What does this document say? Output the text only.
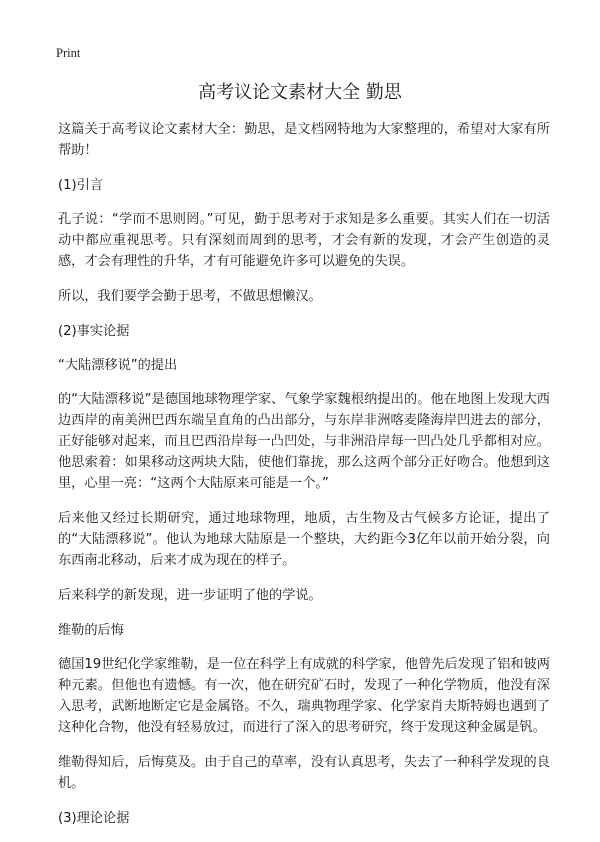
Print
高考议论文素材大全 勤思

这篇关于高考议论文素材大全：勤思，是文档网特地为大家整理的，希望对大家有所帮助！

(1)引言

孔子说：“学而不思则罔。”可见，勤于思考对于求知是多么重要。其实人们在一切活动中都应重视思考。只有深刻而周到的思考，才会有新的发现，才会产生创造的灵感，才会有理性的升华，才有可能避免许多可以避免的失误。

所以，我们要学会勤于思考，不做思想懒汉。

(2)事实论据

“大陆漂移说”的提出

的“大陆漂移说”是德国地球物理学家、气象学家魏根纳提出的。他在地图上发现大西边西岸的南美洲巴西东端呈直角的凸出部分，与东岸非洲喀麦隆海岸凹进去的部分，正好能够对起来，而且巴西沿岸每一凸凹处，与非洲沿岸每一凹凸处几乎都相对应。他思索着：如果移动这两块大陆，使他们靠拢，那么这两个部分正好吻合。他想到这里，心里一亮：“这两个大陆原来可能是一个。”

后来他又经过长期研究，通过地球物理，地质，古生物及古气候多方论证，提出了的“大陆漂移说”。他认为地球大陆原是一个整块，大约距今3亿年以前开始分裂，向东西南北移动，后来才成为现在的样子。

后来科学的新发现，进一步证明了他的学说。

维勒的后悔

德国19世纪化学家维勒，是一位在科学上有成就的科学家，他曾先后发现了铝和铍两种元素。但他也有遗憾。有一次，他在研究矿石时，发现了一种化学物质，他没有深入思考，武断地断定它是金属铬。不久，瑞典物理学家、化学家肖夫斯特姆也遇到了这种化合物，他没有轻易放过，而进行了深入的思考研究，终于发现这种金属是钒。

维勒得知后，后悔莫及。由于自己的草率，没有认真思考，失去了一种科学发现的良机。

(3)理论论据
